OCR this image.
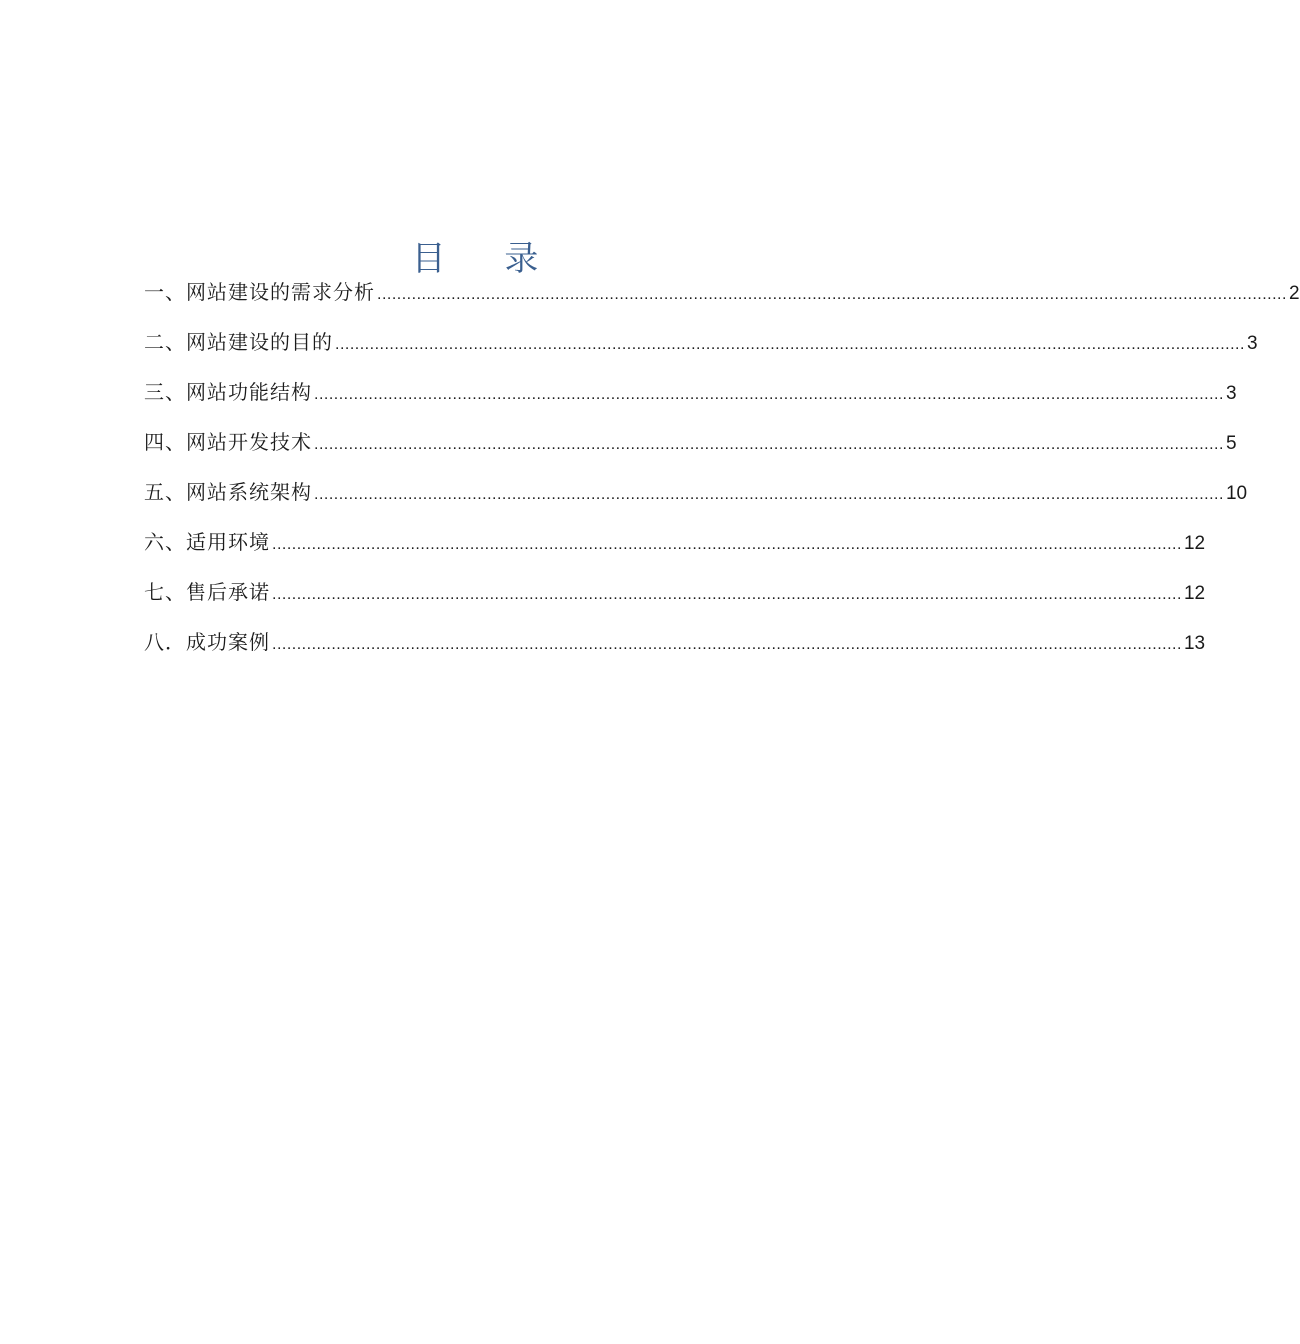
目 录
一、网站建设的需求分析 ........................................................................................................................................................................................ 2
二、网站建设的目的 ........................................................................................................................................................................................ 3
三、网站功能结构 ........................................................................................................................................................................................ 3
四、网站开发技术 ........................................................................................................................................................................................ 5
五、网站系统架构 ........................................................................................................................................................................................ 10
六、适用环境 ........................................................................................................................................................................................ 12
七、售后承诺 ........................................................................................................................................................................................ 12
八．成功案例 ........................................................................................................................................................................................ 13
